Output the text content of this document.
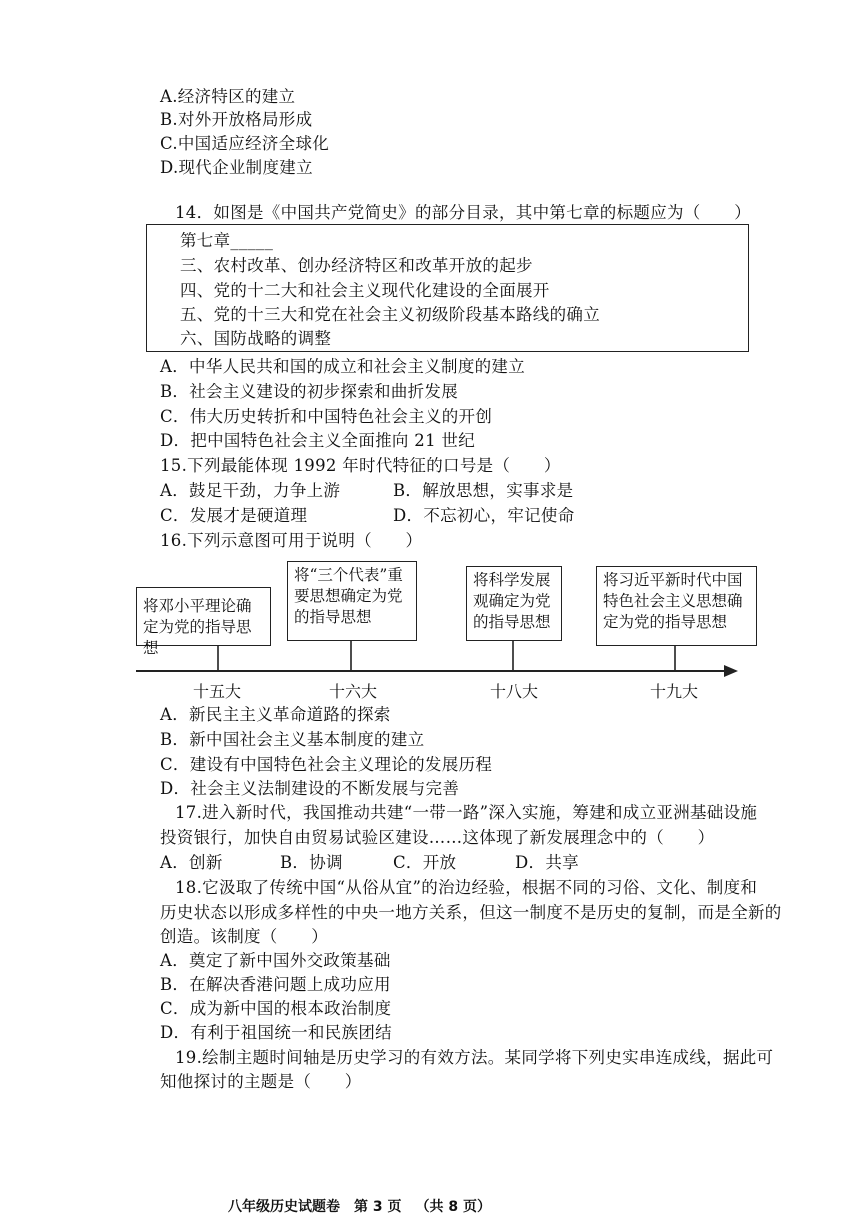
A.经济特区的建立
B.对外开放格局形成
C.中国适应经济全球化
D.现代企业制度建立
14．如图是《中国共产党简史》的部分目录，其中第七章的标题应为（　　）
第七章_____
三、农村改革、创办经济特区和改革开放的起步
四、党的十二大和社会主义现代化建设的全面展开
五、党的十三大和党在社会主义初级阶段基本路线的确立
六、国防战略的调整
A．中华人民共和国的成立和社会主义制度的建立
B．社会主义建设的初步探索和曲折发展
C．伟大历史转折和中国特色社会主义的开创
D．把中国特色社会主义全面推向 21 世纪
15.下列最能体现 1992 年时代特征的口号是（　　）
A．鼓足干劲，力争上游	B．解放思想，实事求是
C．发展才是硬道理	D．不忘初心，牢记使命
16.下列示意图可用于说明（　　）
将邓小平理论确定为党的指导思想
将“三个代表”重要思想确定为党的指导思想
将科学发展观确定为党的指导思想
将习近平新时代中国特色社会主义思想确定为党的指导思想
十五大	十六大	十八大	十九大
A．新民主主义革命道路的探索
B．新中国社会主义基本制度的建立
C．建设有中国特色社会主义理论的发展历程
D．社会主义法制建设的不断发展与完善
17.进入新时代，我国推动共建“一带一路”深入实施，筹建和成立亚洲基础设施
投资银行，加快自由贸易试验区建设……这体现了新发展理念中的（　　）
A．创新	B．协调	C．开放	D．共享
18.它汲取了传统中国“从俗从宜”的治边经验，根据不同的习俗、文化、制度和
历史状态以形成多样性的中央一地方关系，但这一制度不是历史的复制，而是全新的
创造。该制度（　　）
A．奠定了新中国外交政策基础
B．在解决香港问题上成功应用
C．成为新中国的根本政治制度
D．有利于祖国统一和民族团结
19.绘制主题时间轴是历史学习的有效方法。某同学将下列史实串连成线，据此可
知他探讨的主题是（　　）
八年级历史试题卷 第 3 页 （共 8 页）
